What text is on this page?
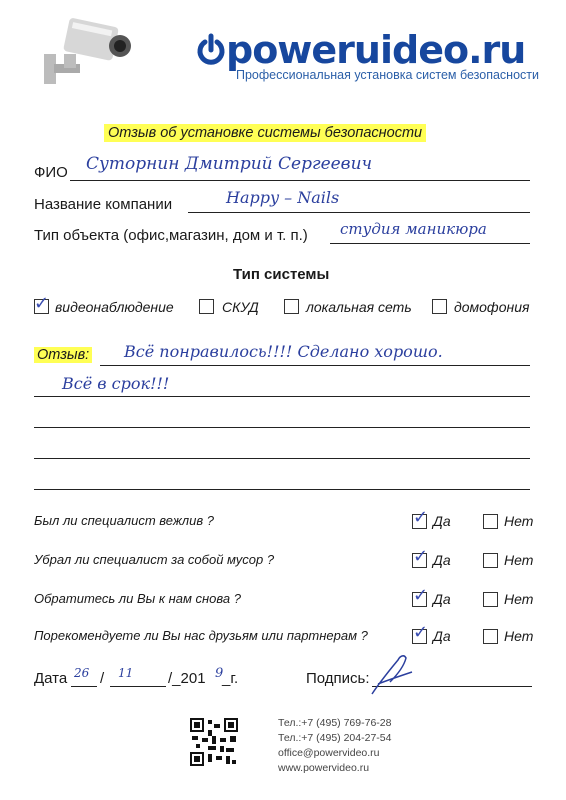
poweruideo.ru
Профессиональная установка систем безопасности
Отзыв об установке системы безопасности
ФИО Суторнин Дмитрий Сергеевич
Название компании	Happy – Nails
Тип объекта (офис,магазин, дом и т. п.) студия маникюра
Тип системы
✓ видеонаблюдение	СКУД	локальная сеть	домофония
Отзыв: Всё понравилось!!!! Сделано хорошо.
Всё в срок!!!
Был ли специалист вежлив ?	✓ Да	Нет
Убрал ли специалист за собой мусор ?	✓ Да	Нет
Обратитесь ли Вы к нам снова ?	✓ Да	Нет
Порекомендуете ли Вы нас друзьям или партнерам ?	✓ Да	Нет
Дата /	/_201 9
_г.
26 11	Подпись:
Тел.:+7 (495) 769-76-28
Тел.:+7 (495) 204-27-54
office@powervideo.ru
www.powervideo.ru
